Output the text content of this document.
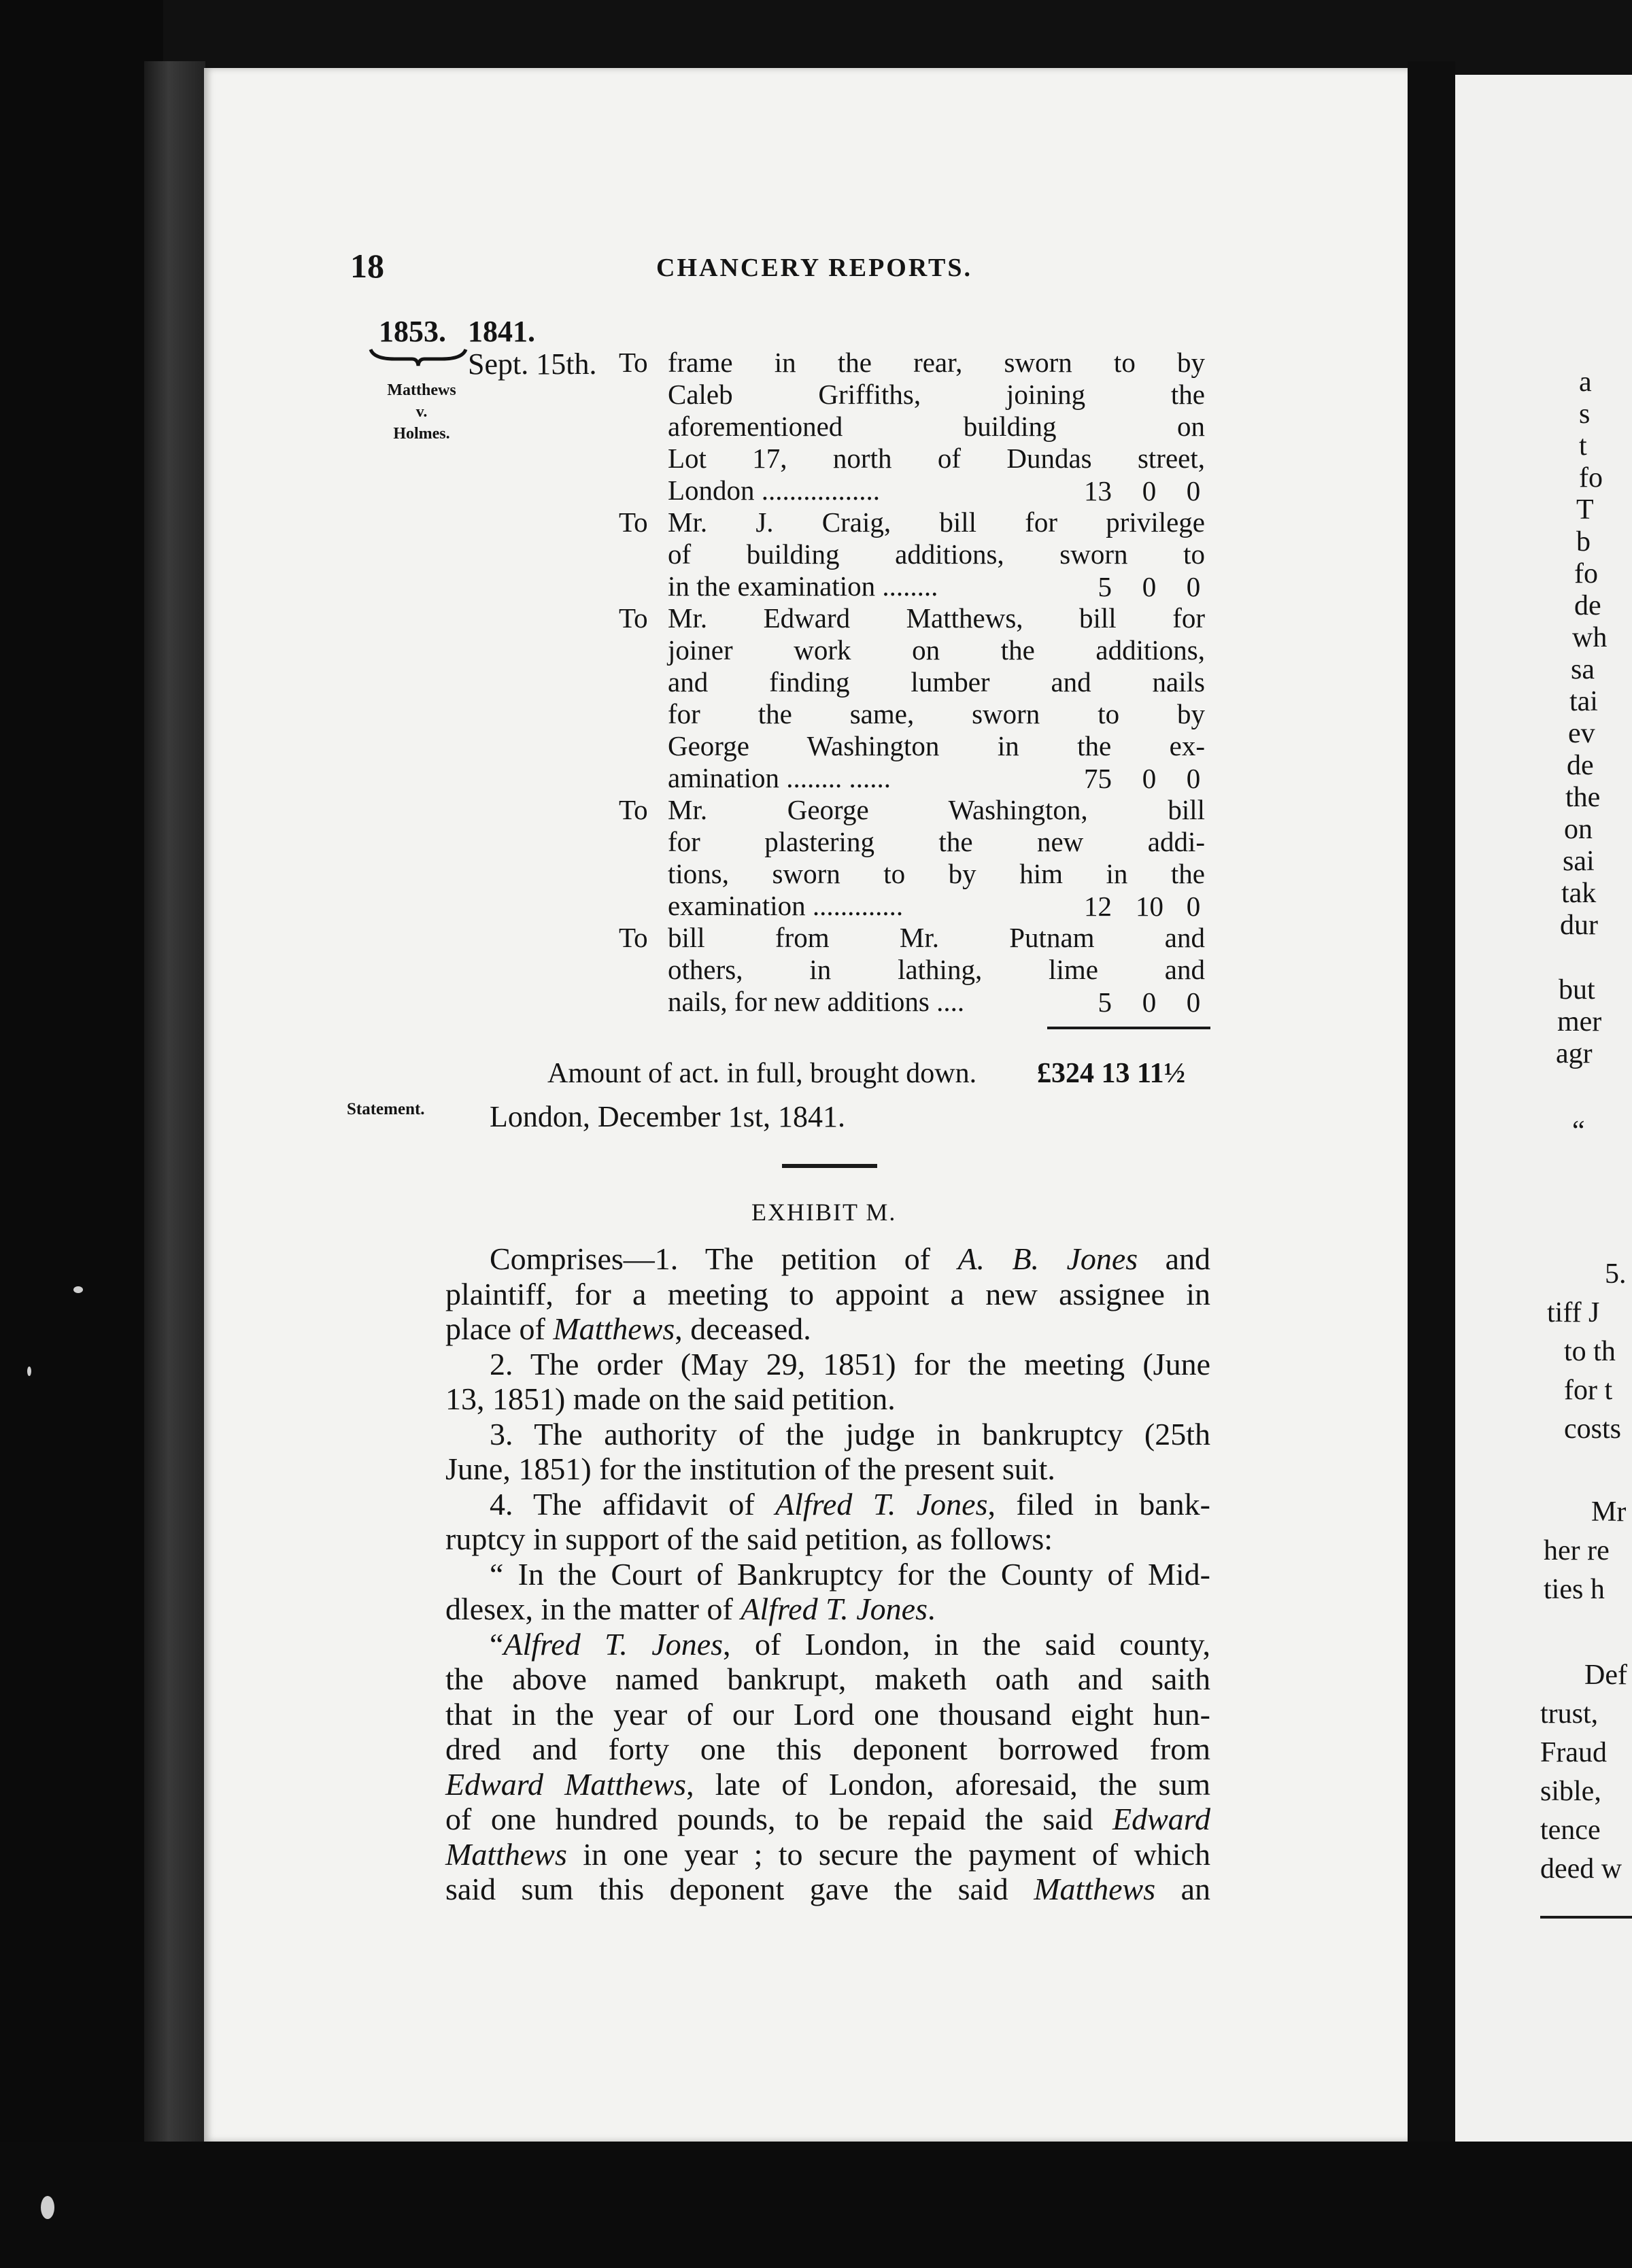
18	CHANCERY REPORTS.
1853.
Matthews
v.
Holmes.
Statement.
1841.
Sept. 15th. To frame in the rear, sworn to by
Caleb Griffiths, joining the
aforementioned building on
Lot 17, north of Dundas street,
London .................	13 0	0
To Mr. J. Craig, bill for privilege
of building additions, sworn to
in the examination ........	5 0	0
To Mr. Edward Matthews, bill for
joiner work on the additions,
and finding lumber and nails
for the same, sworn to by
George Washington in the ex-
amination ........ ......	75 0	0
To Mr. George Washington, bill
for plastering the new addi-
tions, sworn to by him in the
examination .............	12 10 0
To bill from Mr. Putnam and
others, in lathing, lime and
nails, for new additions ....	5 0	0
Amount of act. in full, brought down. £324 13 11½
London, December 1st, 1841.
EXHIBIT M.
Comprises—1. The petition of A. B. Jones and
plaintiff, for a meeting to appoint a new assignee in
place of Matthews, deceased.
2. The order (May 29, 1851) for the meeting (June
13, 1851) made on the said petition.
3. The authority of the judge in bankruptcy (25th
June, 1851) for the institution of the present suit.
4. The affidavit of Alfred T. Jones, filed in bank-
ruptcy in support of the said petition, as follows:
“ In the Court of Bankruptcy for the County of Mid-
dlesex, in the matter of Alfred T. Jones.
“Alfred T. Jones, of London, in the said county,
the above named bankrupt, maketh oath and saith
that in the year of our Lord one thousand eight hun-
dred and forty one this deponent borrowed from
Edward Matthews, late of London, aforesaid, the sum
of one hundred pounds, to be repaid the said Edward
Matthews in one year ; to secure the payment of which
said sum this deponent gave the said Matthews an
a
s
t
fo
T
b
fo
de
wh
sa
tai
ev
de
the
on
sai
tak
dur
but
mer
agr
“
5.
tiff J
to th
for t
costs
Mr
her re
ties h
Def
trust,
Fraud
sible,
tence
deed w
